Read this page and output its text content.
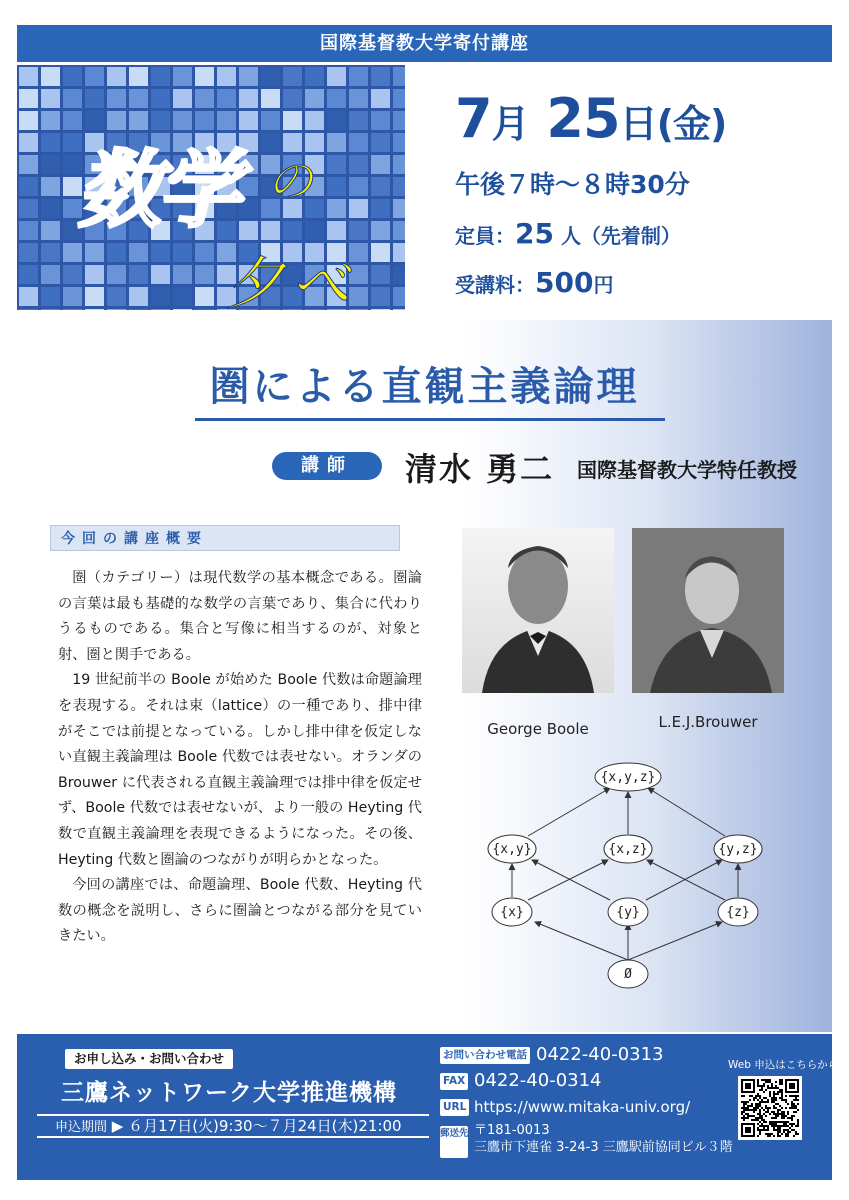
国際基督教大学寄付講座
数学 の
夕べ
7月 25日(金)
午後７時～８時30分
定員：25 人（先着制）
受講料：500円
圏による直観主義論理
講師	清水 勇二 国際基督教大学特任教授
今回の講座概要

圏（カテゴリー）は現代数学の基本概念である。圏論の言葉は最も基礎的な数学の言葉であり、集合に代わりうるものである。集合と写像に相当するのが、対象と射、圏と関手である。

19 世紀前半の Boole が始めた Boole 代数は命題論理を表現する。それは束（lattice）の一種であり、排中律がそこでは前提となっている。しかし排中律を仮定しない直観主義論理は Boole 代数では表せない。オランダの Brouwer に代表される直観主義論理では排中律を仮定せず、Boole 代数では表せないが、より一般の Heyting 代数で直観主義論理を表現できるようになった。その後、Heyting 代数と圏論のつながりが明らかとなった。

今回の講座では、命題論理、Boole 代数、Heyting 代数の概念を説明し、さらに圏論とつながる部分を見ていきたい。

George Boole	L.E.J.Brouwer
{x,y,z}
{x,y}	{x,z}	{y,z}
{x}	{y}	{z}
Ø
お申し込み・お問い合わせ
三鷹ネットワーク大学推進機構
申込期間 ▶ ６月17日(火)9:30～７月24日(木)21:00
お問い合わせ電話 0422-40-0313
FAX 0422-40-0314
URL https://www.mitaka-univ.org/
郵送先 〒181-0013
三鷹市下連雀 3-24-3 三鷹駅前協同ビル３階
Web 申込はこちらから
